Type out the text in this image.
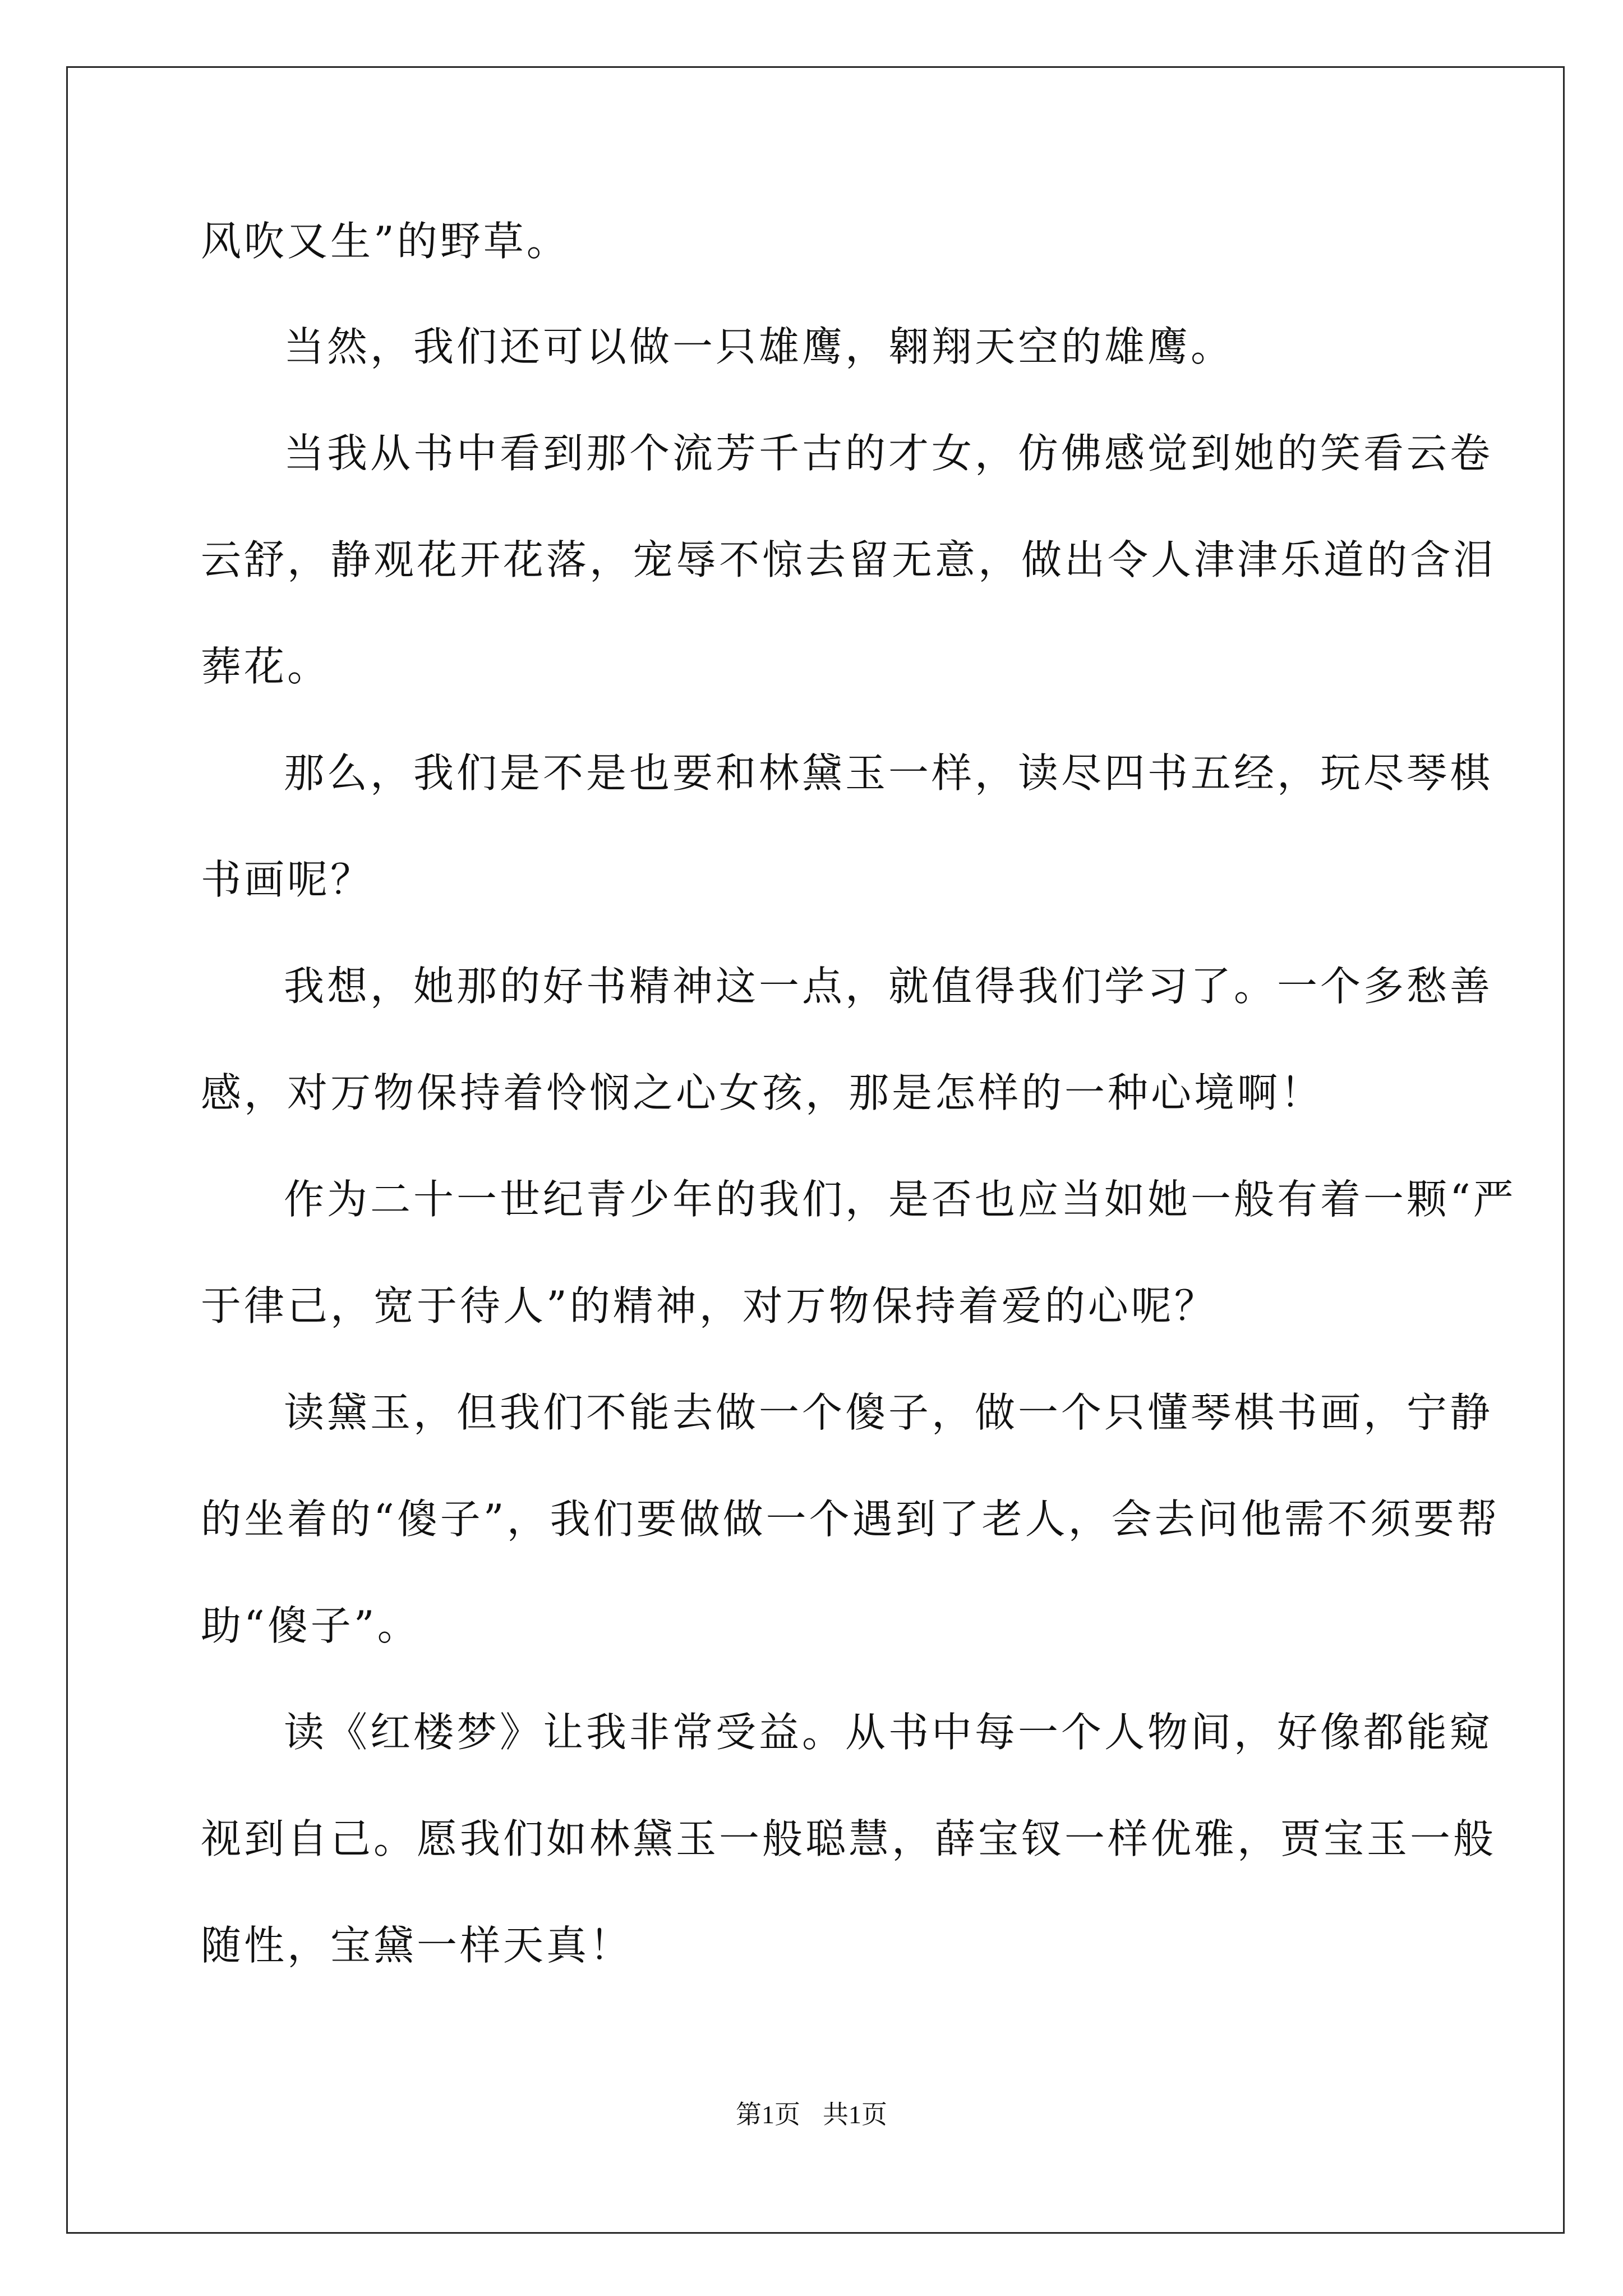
风吹又生”的野草。
当然，我们还可以做一只雄鹰，翱翔天空的雄鹰。
当我从书中看到那个流芳千古的才女，仿佛感觉到她的笑看云卷
云舒，静观花开花落，宠辱不惊去留无意，做出令人津津乐道的含泪
葬花。
那么，我们是不是也要和林黛玉一样，读尽四书五经，玩尽琴棋
书画呢？
我想，她那的好书精神这一点，就值得我们学习了。一个多愁善
感，对万物保持着怜悯之心女孩，那是怎样的一种心境啊！
作为二十一世纪青少年的我们，是否也应当如她一般有着一颗“严
于律己，宽于待人”的精神，对万物保持着爱的心呢？
读黛玉，但我们不能去做一个傻子，做一个只懂琴棋书画，宁静
的坐着的“傻子”，我们要做做一个遇到了老人，会去问他需不须要帮
助“傻子”。
读《红楼梦》让我非常受益。从书中每一个人物间，好像都能窥
视到自己。愿我们如林黛玉一般聪慧，薛宝钗一样优雅，贾宝玉一般
随性，宝黛一样天真！
第1页 共1页
